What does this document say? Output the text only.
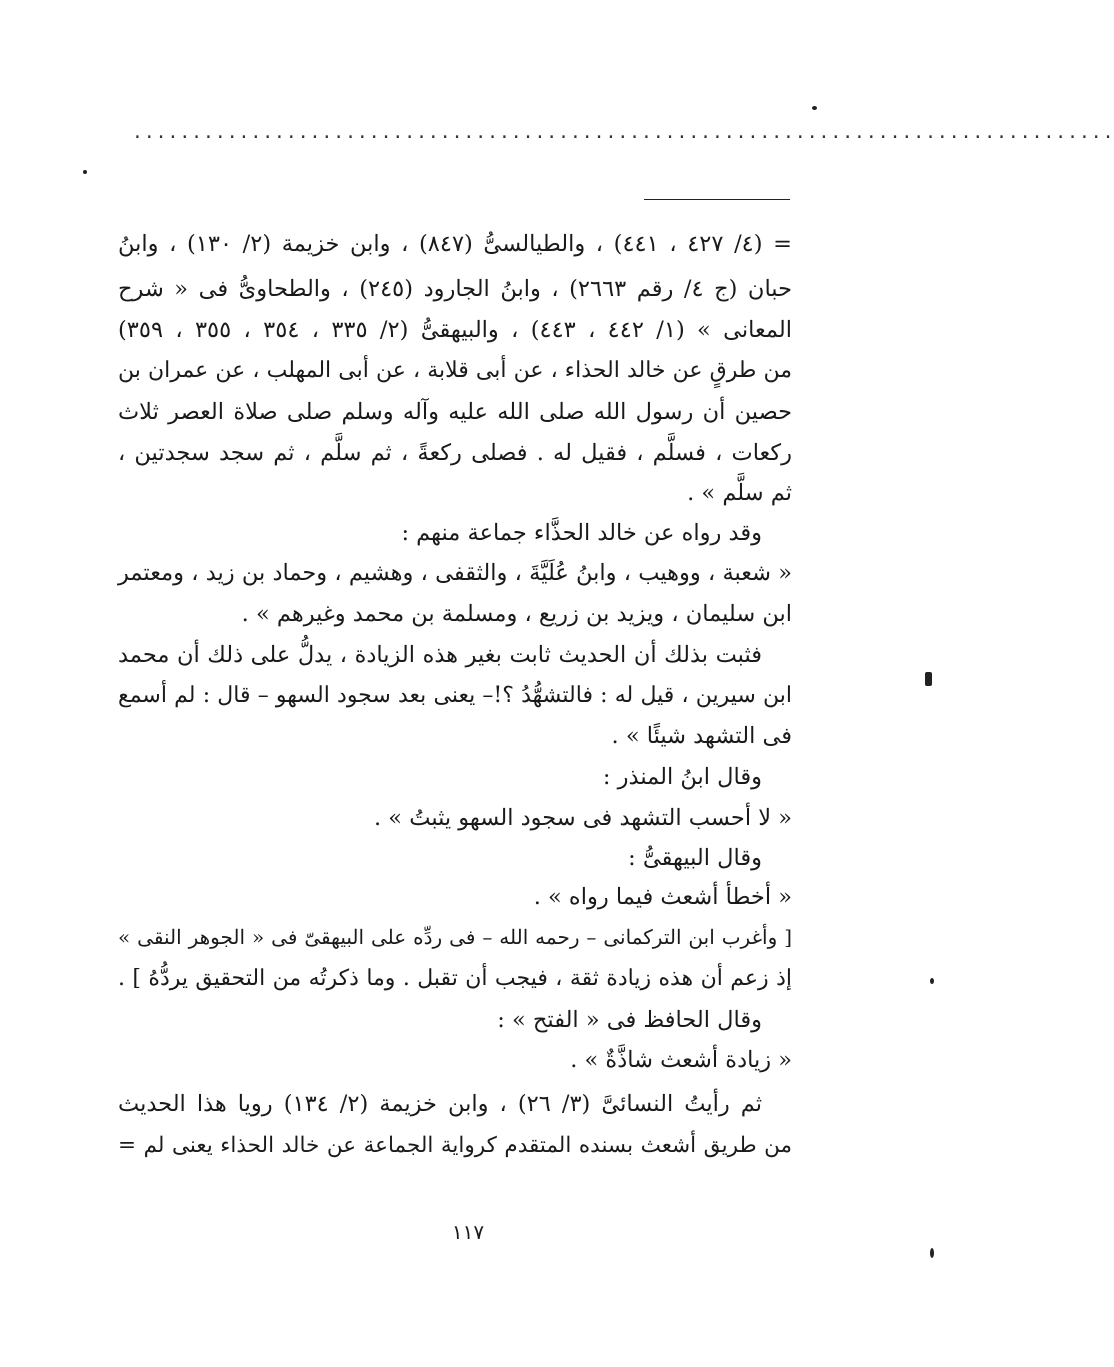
...................................................................................
= (٤/ ٤٢٧ ، ٤٤١) ، والطيالسىُّ (٨٤٧) ، وابن خزيمة (٢/ ١٣٠) ، وابنُ
حبان (ج ٤/ رقم ٢٦٦٣) ، وابنُ الجارود (٢٤٥) ، والطحاوىُّ فى « شرح
المعانى » (١/ ٤٤٢ ، ٤٤٣) ، والبيهقىُّ (٢/ ٣٣٥ ، ٣٥٤ ، ٣٥٥ ، ٣٥٩)
من طرقٍ عن خالد الحذاء ، عن أبى قلابة ، عن أبى المهلب ، عن عمران بن
حصين أن رسول الله صلى الله عليه وآله وسلم صلى صلاة العصر ثلاث
ركعات ، فسلَّم ، فقيل له . فصلى ركعةً ، ثم سلَّم ، ثم سجد سجدتين ،
ثم سلَّم » .
وقد رواه عن خالد الحذَّاء جماعة منهم :
« شعبة ، ووهيب ، وابنُ عُلَيَّةَ ، والثقفى ، وهشيم ، وحماد بن زيد ، ومعتمر
ابن سليمان ، ويزيد بن زريع ، ومسلمة بن محمد وغيرهم » .
فثبت بذلك أن الحديث ثابت بغير هذه الزيادة ، يدلُّ على ذلك أن محمد
ابن سيرين ، قيل له : فالتشهُّدُ ؟!– يعنى بعد سجود السهو – قال : لم أسمع
فى التشهد شيئًا » .
وقال ابنُ المنذر :
« لا أحسب التشهد فى سجود السهو يثبتُ » .
وقال البيهقىُّ :
« أخطأ أشعث فيما رواه » .
[ وأغرب ابن التركمانى – رحمه الله – فى ردِّه على البيهقىّ فى « الجوهر النقى »
إذ زعم أن هذه زيادة ثقة ، فيجب أن تقبل . وما ذكرتُه من التحقيق يردُّهُ ] .
وقال الحافظ فى « الفتح » :
« زيادة أشعث شاذَّةٌ » .
ثم رأيتُ النسائىَّ (٣/ ٢٦) ، وابن خزيمة (٢/ ١٣٤) رويا هذا الحديث
من طريق أشعث بسنده المتقدم كرواية الجماعة عن خالد الحذاء يعنى لم =
١١٧
